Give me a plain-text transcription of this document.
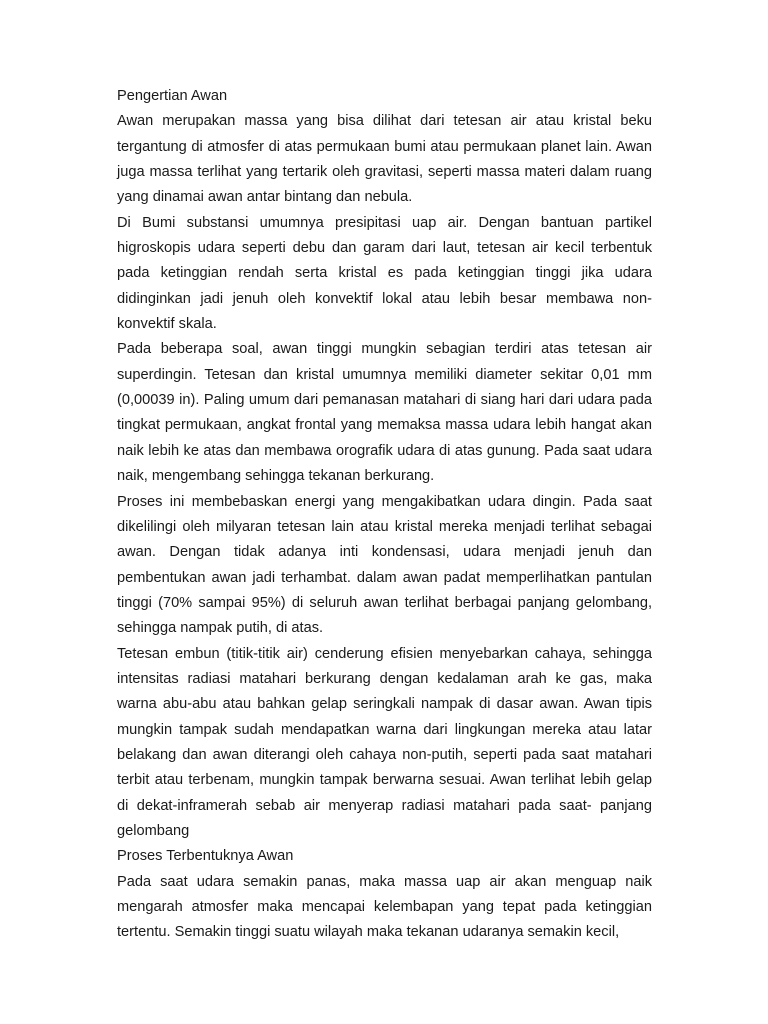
Pengertian Awan

Awan merupakan massa yang bisa dilihat dari tetesan air atau kristal beku tergantung di atmosfer di atas permukaan bumi atau permukaan planet lain. Awan juga massa terlihat yang tertarik oleh gravitasi, seperti massa materi dalam ruang yang dinamai awan antar bintang dan nebula.

Di Bumi substansi umumnya presipitasi uap air. Dengan bantuan partikel higroskopis udara seperti debu dan garam dari laut, tetesan air kecil terbentuk pada ketinggian rendah serta kristal es pada ketinggian tinggi jika udara didinginkan jadi jenuh oleh konvektif lokal atau lebih besar membawa non-konvektif skala.

Pada beberapa soal, awan tinggi mungkin sebagian terdiri atas tetesan air superdingin. Tetesan dan kristal umumnya memiliki diameter sekitar 0,01 mm (0,00039 in). Paling umum dari pemanasan matahari di siang hari dari udara pada tingkat permukaan, angkat frontal yang memaksa massa udara lebih hangat akan naik lebih ke atas dan membawa orografik udara di atas gunung. Pada saat udara naik, mengembang sehingga tekanan berkurang.

Proses ini membebaskan energi yang mengakibatkan udara dingin. Pada saat dikelilingi oleh milyaran tetesan lain atau kristal mereka menjadi terlihat sebagai awan. Dengan tidak adanya inti kondensasi, udara menjadi jenuh dan pembentukan awan jadi terhambat. dalam awan padat memperlihatkan pantulan tinggi (70% sampai 95%) di seluruh awan terlihat berbagai panjang gelombang, sehingga nampak putih, di atas.

Tetesan embun (titik-titik air) cenderung efisien menyebarkan cahaya, sehingga intensitas radiasi matahari berkurang dengan kedalaman arah ke gas, maka warna abu-abu atau bahkan gelap seringkali nampak di dasar awan. Awan tipis mungkin tampak sudah mendapatkan warna dari lingkungan mereka atau latar belakang dan awan diterangi oleh cahaya non-putih, seperti pada saat matahari terbit atau terbenam, mungkin tampak berwarna sesuai. Awan terlihat lebih gelap di dekat-inframerah sebab air menyerap radiasi matahari pada saat- panjang gelombang

Proses Terbentuknya Awan

Pada saat udara semakin panas, maka massa uap air akan menguap naik mengarah atmosfer maka mencapai kelembapan yang tepat pada ketinggian tertentu. Semakin tinggi suatu wilayah maka tekanan udaranya semakin kecil,
